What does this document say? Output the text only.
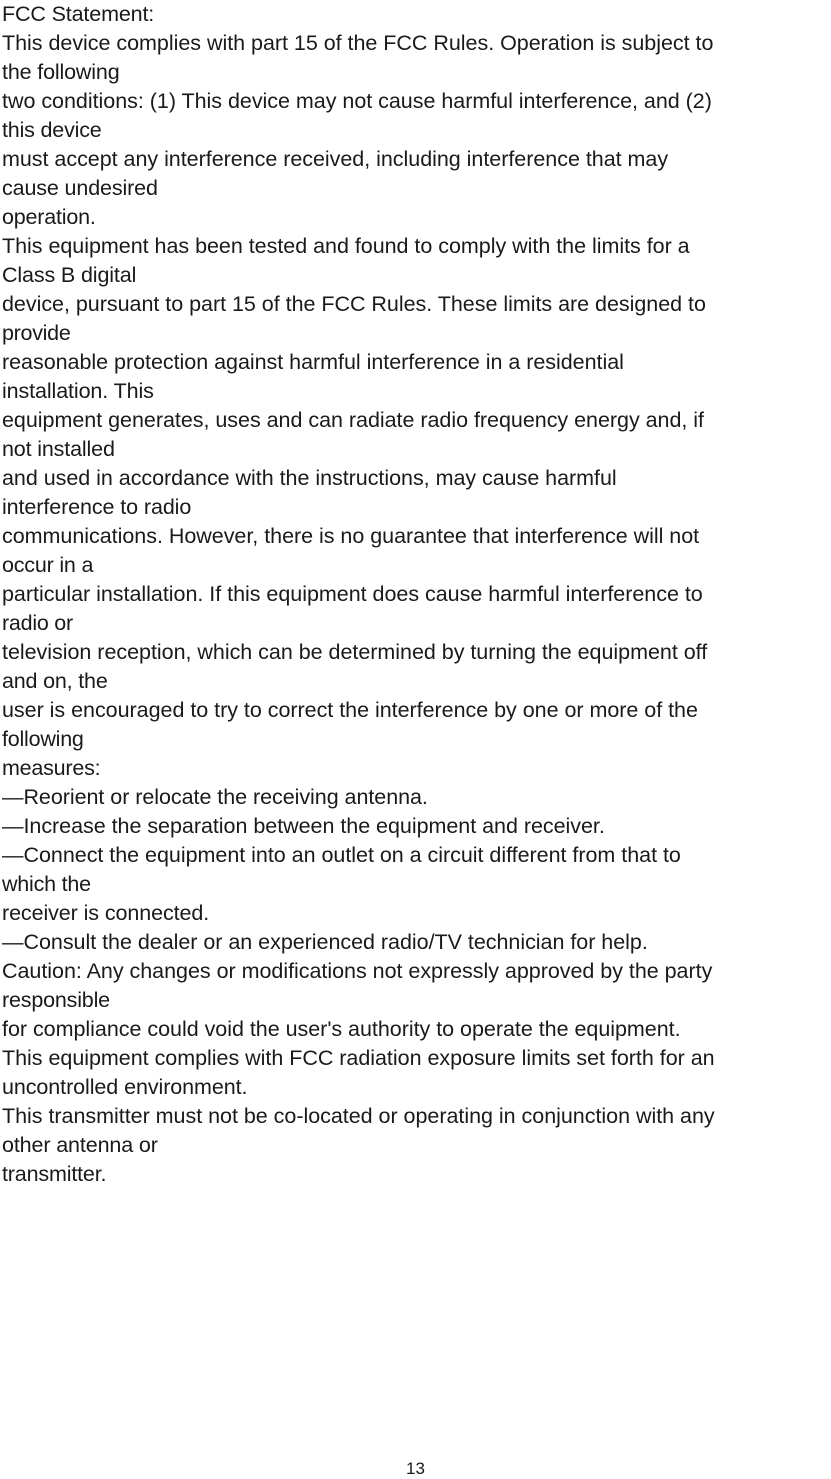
FCC Statement:
This device complies with part 15 of the FCC Rules. Operation is subject to
the following
two conditions: (1) This device may not cause harmful interference, and (2)
this device
must accept any interference received, including interference that may
cause undesired
operation.
This equipment has been tested and found to comply with the limits for a
Class B digital
device, pursuant to part 15 of the FCC Rules. These limits are designed to
provide
reasonable protection against harmful interference in a residential
installation. This
equipment generates, uses and can radiate radio frequency energy and, if
not installed
and used in accordance with the instructions, may cause harmful
interference to radio
communications. However, there is no guarantee that interference will not
occur in a
particular installation. If this equipment does cause harmful interference to
radio or
television reception, which can be determined by turning the equipment off
and on, the
user is encouraged to try to correct the interference by one or more of the
following
measures:
—Reorient or relocate the receiving antenna.
—Increase the separation between the equipment and receiver.
—Connect the equipment into an outlet on a circuit different from that to
which the
receiver is connected.
—Consult the dealer or an experienced radio/TV technician for help.
Caution: Any changes or modifications not expressly approved by the party
responsible
for compliance could void the user's authority to operate the equipment.
This equipment complies with FCC radiation exposure limits set forth for an
uncontrolled environment.
This transmitter must not be co-located or operating in conjunction with any
other antenna or
transmitter.
13
